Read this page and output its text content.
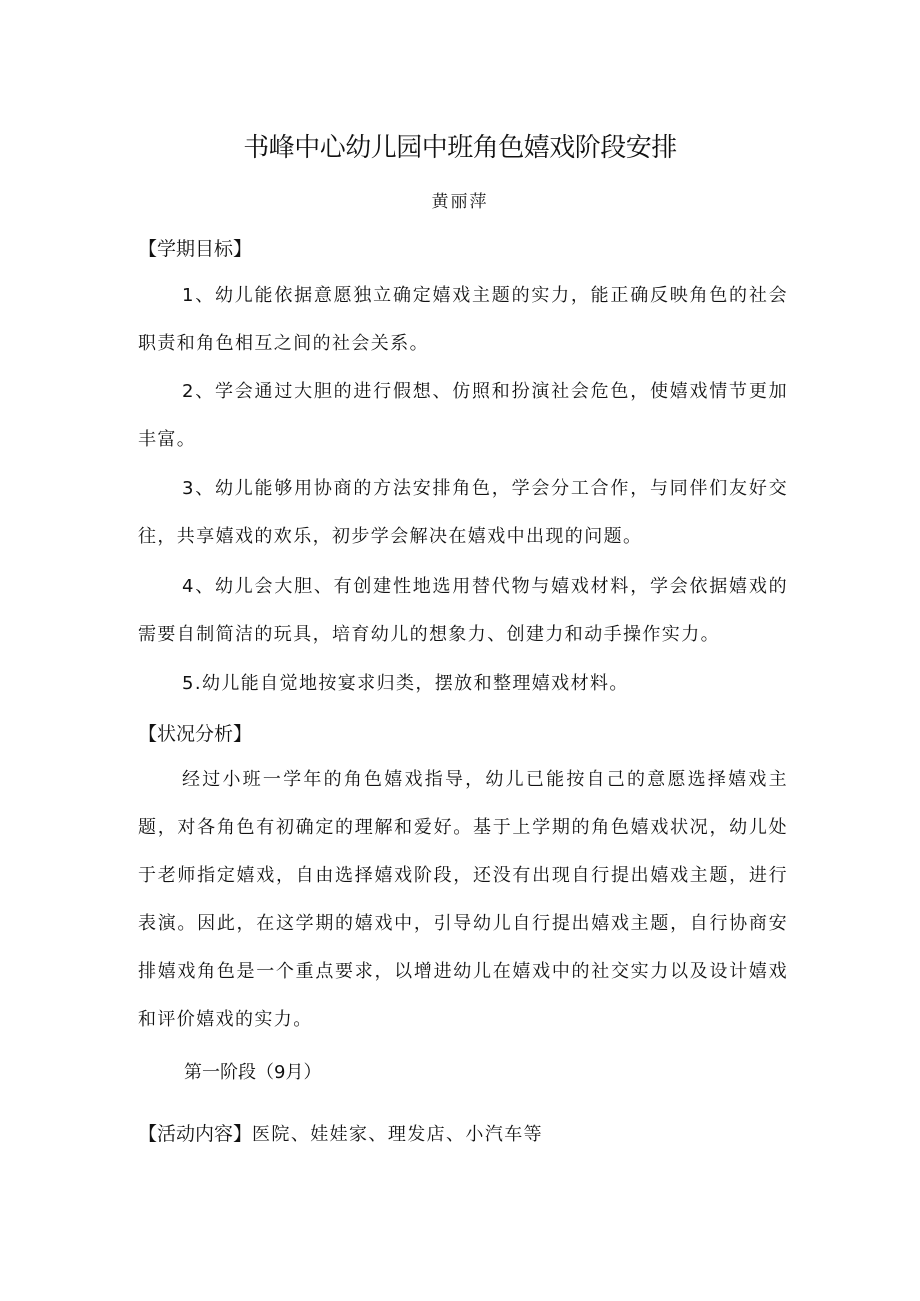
书峰中心幼儿园中班角色嬉戏阶段安排
黄丽萍
【学期目标】

1、幼儿能依据意愿独立确定嬉戏主题的实力，能正确反映角色的社会职责和角色相互之间的社会关系。

2、学会通过大胆的进行假想、仿照和扮演社会危色，使嬉戏情节更加丰富。

3、幼儿能够用协商的方法安排角色，学会分工合作，与同伴们友好交往，共享嬉戏的欢乐，初步学会解决在嬉戏中出现的问题。

4、幼儿会大胆、有创建性地选用替代物与嬉戏材料，学会依据嬉戏的需要自制简洁的玩具，培育幼儿的想象力、创建力和动手操作实力。

5.幼儿能自觉地按宴求归类，摆放和整理嬉戏材料。

【状况分析】

经过小班一学年的角色嬉戏指导，幼儿已能按自己的意愿选择嬉戏主题，对各角色有初确定的理解和爱好。基于上学期的角色嬉戏状况，幼儿处于老师指定嬉戏，自由选择嬉戏阶段，还没有出现自行提出嬉戏主题，进行表演。因此，在这学期的嬉戏中，引导幼儿自行提出嬉戏主题，自行协商安排嬉戏角色是一个重点要求，以增进幼儿在嬉戏中的社交实力以及设计嬉戏和评价嬉戏的实力。

第一阶段（9月）

【活动内容】医院、娃娃家、理发店、小汽车等
